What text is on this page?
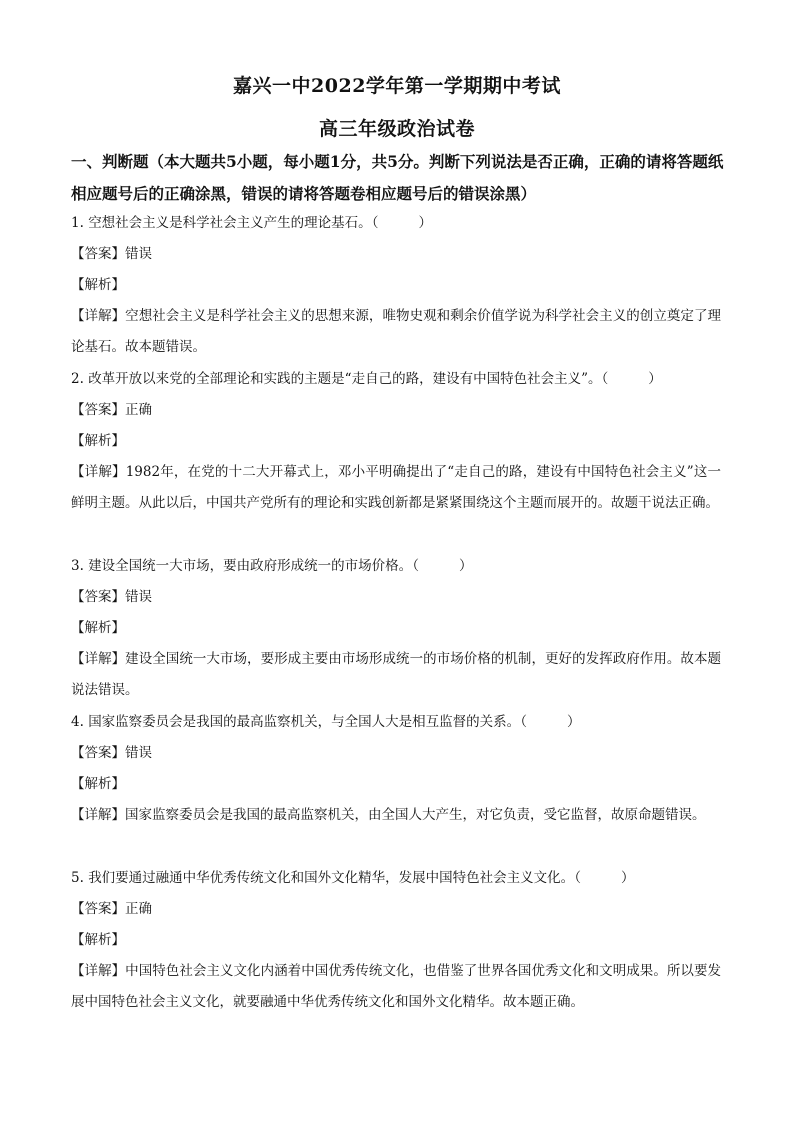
嘉兴一中2022学年第一学期期中考试
高三年级政治试卷
一、判断题（本大题共5小题，每小题1分，共5分。判断下列说法是否正确，正确的请将答题纸相应题号后的正确涂黑，错误的请将答题卷相应题号后的错误涂黑）
1. 空想社会主义是科学社会主义产生的理论基石。（	）
【答案】错误
【解析】
【详解】空想社会主义是科学社会主义的思想来源，唯物史观和剩余价值学说为科学社会主义的创立奠定了理论基石。故本题错误。
2. 改革开放以来党的全部理论和实践的主题是“走自己的路，建设有中国特色社会主义”。（	）
【答案】正确
【解析】
【详解】1982年，在党的十二大开幕式上，邓小平明确提出了“走自己的路，建设有中国特色社会主义”这一鲜明主题。从此以后，中国共产党所有的理论和实践创新都是紧紧围绕这个主题而展开的。故题干说法正确。
3. 建设全国统一大市场，要由政府形成统一的市场价格。（	）
【答案】错误
【解析】
【详解】建设全国统一大市场，要形成主要由市场形成统一的市场价格的机制，更好的发挥政府作用。故本题说法错误。
4. 国家监察委员会是我国的最高监察机关，与全国人大是相互监督的关系。（	）
【答案】错误
【解析】
【详解】国家监察委员会是我国的最高监察机关，由全国人大产生，对它负责，受它监督，故原命题错误。
5. 我们要通过融通中华优秀传统文化和国外文化精华，发展中国特色社会主义文化。（	）
【答案】正确
【解析】
【详解】中国特色社会主义文化内涵着中国优秀传统文化，也借鉴了世界各国优秀文化和文明成果。所以要发展中国特色社会主义文化，就要融通中华优秀传统文化和国外文化精华。故本题正确。
